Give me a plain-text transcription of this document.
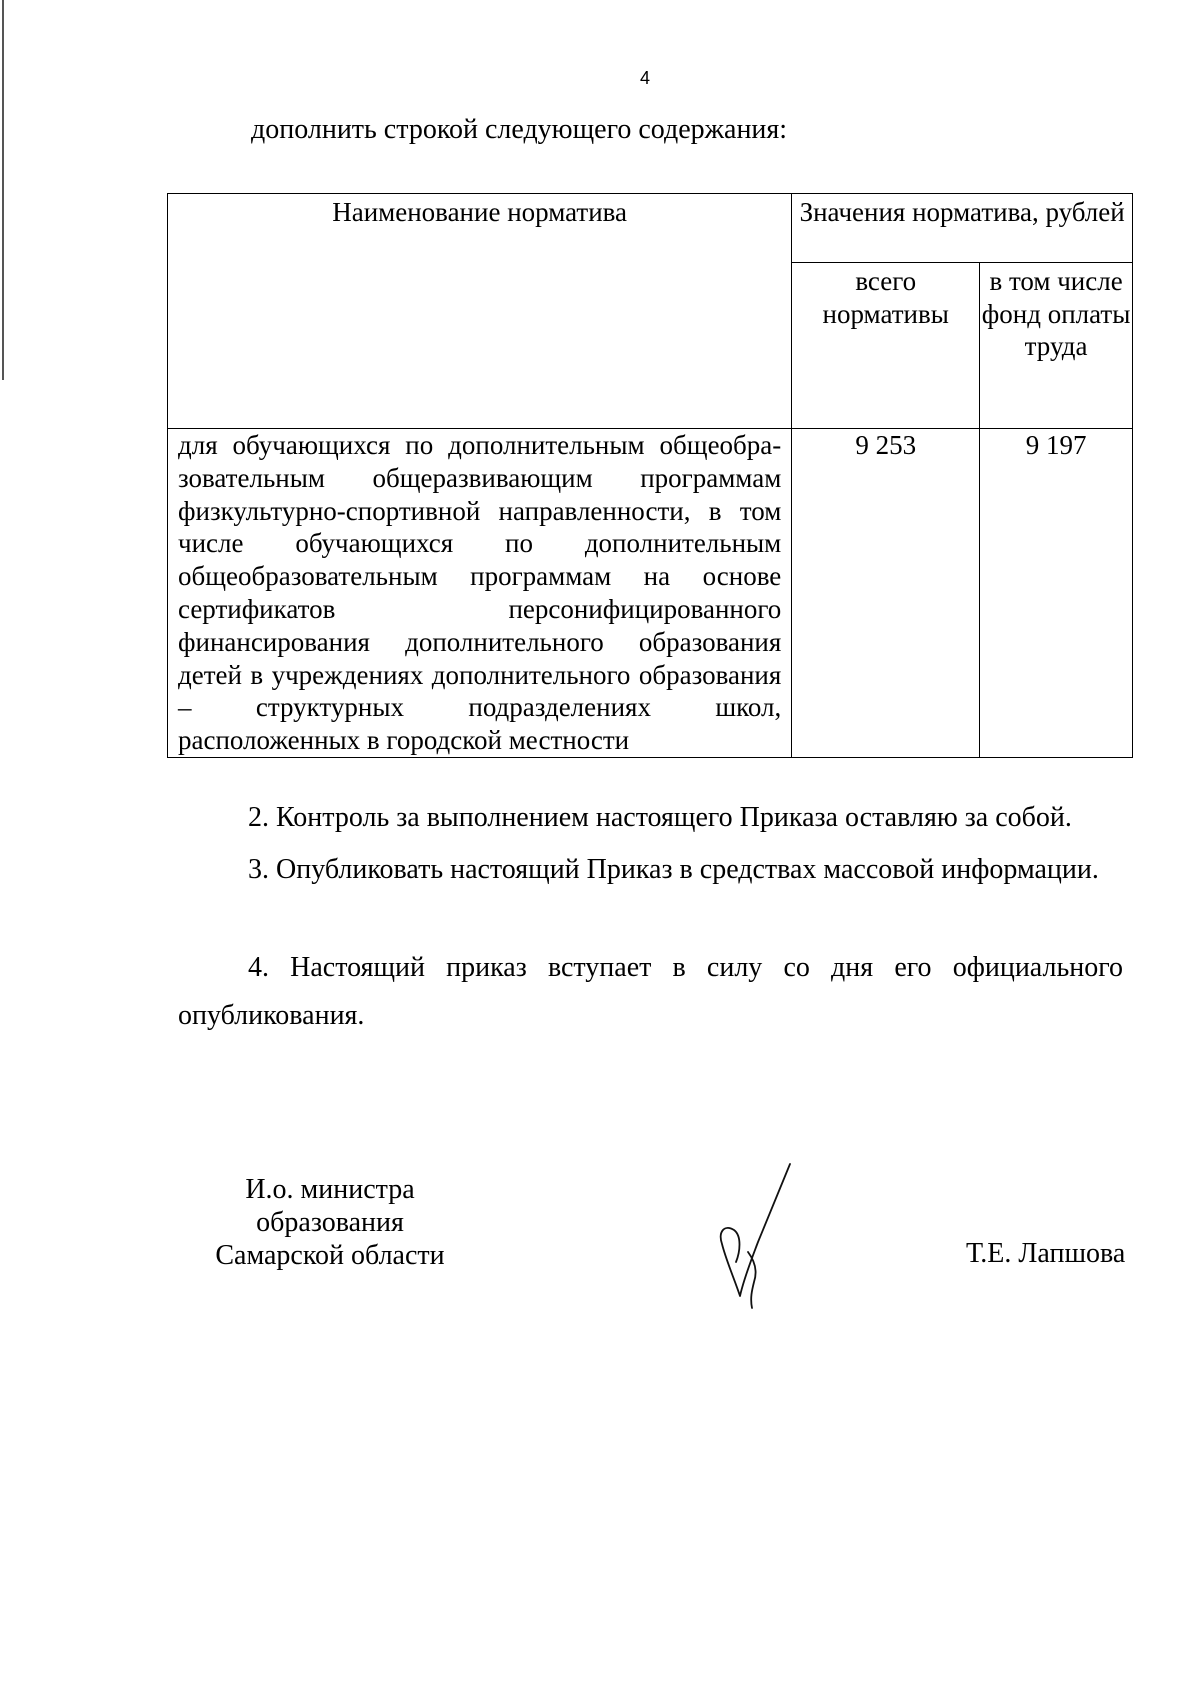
4
дополнить строкой следующего содержания:
Наименование норматива	Значения норматива, рублей	
	всего нормативы	в том числе фонд оплаты труда
для обучающихся по дополнительным общеобразовательным общеразвивающим программам физкультурно-спортивной направленности, в том числе обучающихся по дополнительным общеобразовательным программам на основе сертификатов персонифицированного финансирования дополнительного образования детей в учреждениях дополнительного образования – структурных подразделениях школ, расположенных в городской местности	9 253	9 197
2. Контроль за выполнением настоящего Приказа оставляю за собой.
3. Опубликовать настоящий Приказ в средствах массовой информации.
4. Настоящий приказ вступает в силу со дня его официального опубликования.
И.о. министра
образования
Самарской области	Т.Е. Лапшова
